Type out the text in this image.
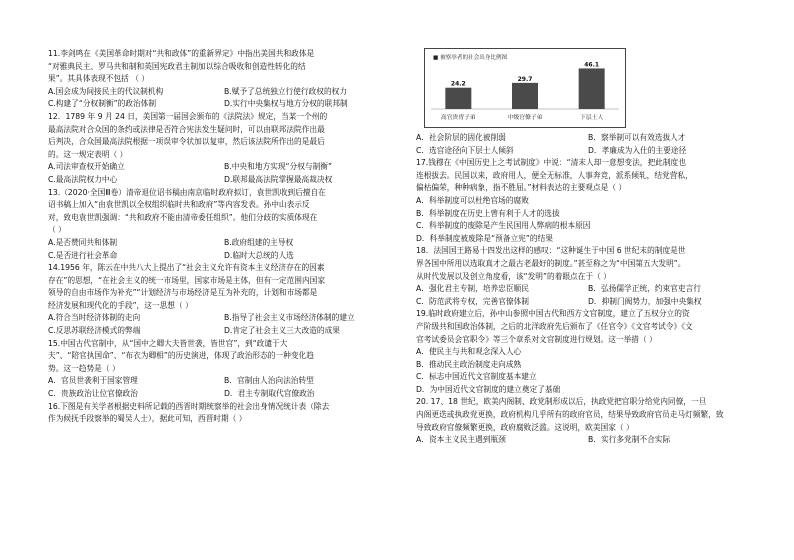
11.李剑鸣在《美国革命时期对“共和政体”的重新界定》中指出美国共和政体是

“对雅典民主、罗马共和制和英国宪政君主制加以综合吸收和创造性转化的结

果”。其具体表现不包括 （ ）

A.国会成为间接民主的代议制机构	B.赋予了总统独立行使行政权的权力
C.构建了“分权制衡”的政治体制	D.实行中央集权与地方分权的联邦制

12．1789 年 9 月 24 日，美国第一届国会颁布的《法院法》规定，当某一个州的

最高法院对合众国的条约或法律是否符合宪法发生疑问时，可以由联邦法院作出最

后判决，合众国最高法院根据一项误审令状加以复审，然后该法院所作出的是最后

的。这一规定表明（ ）

A.司法审查权开始确立	B.中央和地方实现“分权与制衡”
C.最高法院权力中心	D.联邦最高法院掌握最高裁决权

13.（2020·全国Ⅲ卷）清帝退位诏书稿由南京临时政府拟订，袁世凯收到后擅自在

诏书稿上加入“由袁世凯以全权组织临时共和政府”等内容发表。孙中山表示反

对，致电袁世凯强调：“共和政府不能由清帝委任组织”。他们分歧的实质体现在

（ ）

A.是否赞同共和体制	B.政府组建的主导权
C.是否进行社会革命	D.临时大总统的人选

14.1956 年，陈云在中共八大上提出了“社会主义允许有资本主义经济存在的因素

存在”的思想，“在社会主义的统一市场里，国家市场是主体，但有一定范围内国家

领导的自由市场作为补充”“计划经济与市场经济是互为补充的，计划和市场都是

经济发展和现代化的手段”，这一思想（ ）

A.符合当时经济体制的走向	B.指导了社会主义市场经济体制的建立
C.反思苏联经济模式的弊端	D.肯定了社会主义三大改造的成果

15.中国古代官制中，从“国中之卿大夫皆世袭，皆世官”，到“政谴于大

夫”、“陪官执国命”、“布衣为卿相”的历史演进，体现了政治形态的一种变化趋

势。这一趋势是（ ）

A．官员世袭利于国家管理	B．官制由人治向法治转型
C．贵族政治让位官僚政治	D．君主专制取代官僚政治

16.下图是有关学者根据史料所记载的西晋时期统察举的社会出身情况统计表（除去

作为候抚手段察举的蜀吴人士），据此可知，西晋时期（ ）

■ 被察举者的社会出身比例图
24.2
高官贵胄子弟
29.7
中级官僚子弟
46.1
下层士人
A．社会阶层的固化被削弱	B．察举制可以有效选拔人才
C．选官途径向下层士人倾斜	D．孝廉成为入仕的主要途径

17.钱穆在《中国历史上之考试制度》中说：“清末人却一意想变法，把此制度也

连根拔去。民国以来，政府用人，便全无标准，人事奔竞，派系倾轧，结党营私，

偏枯偏荣，种种病象，指不胜屈。”材料表达的主要观点是（ ）

A．科举制度可以杜绝官场的腐败
B．科举制度在历史上曾有利于人才的选拔
C．科举制度的废除是产生民国用人弊病的根本原因
D．科举制度被废除是“预备立宪”的结果

18．法国国王路易十四发出这样的感叹：“这种诞生于中国 6 世纪末的制度是世

界各国中所用以选取真才之最古老最好的制度。”甚至称之为“中国第五大发明”。

从时代发展以及创立角度看，该“发明”的着眼点在于（ ）

A．强化君主专制，培养忠臣顺民	B．弘扬儒学正统，约束官吏言行
C．防范武将专权，完善官僚体制	D．抑制门阀势力，加强中央集权

19.临时政府建立后，孙中山参照中国古代和西方文官制度，建立了五权分立的资

产阶级共和国政治体制，之后的北洋政府先后颁布了《任官令》《文官考试令》《文

官考试委员会官职令》等三个章系对文官制度进行规划。这一举措（ ）

A．使民主与共和观念深入人心
B．推动民主政治制度走向成熟
C．标志中国近代文官制度基本建立
D．为中国近代文官制度的建立奠定了基础

20. 17、18 世纪，欧美内阁制、政党制形成以后，执政党把官职分给党内同僚，一旦

内阁更迭或执政党更换，政府机构几乎所有的政府官员，结果导致政府官员走马灯频繁，致

导致政府官僚频繁更换，政府腐败泛滥。这说明，欧美国家（ ）

A．资本主义民主遇到瓶颈	B．实行多党制不合实际
